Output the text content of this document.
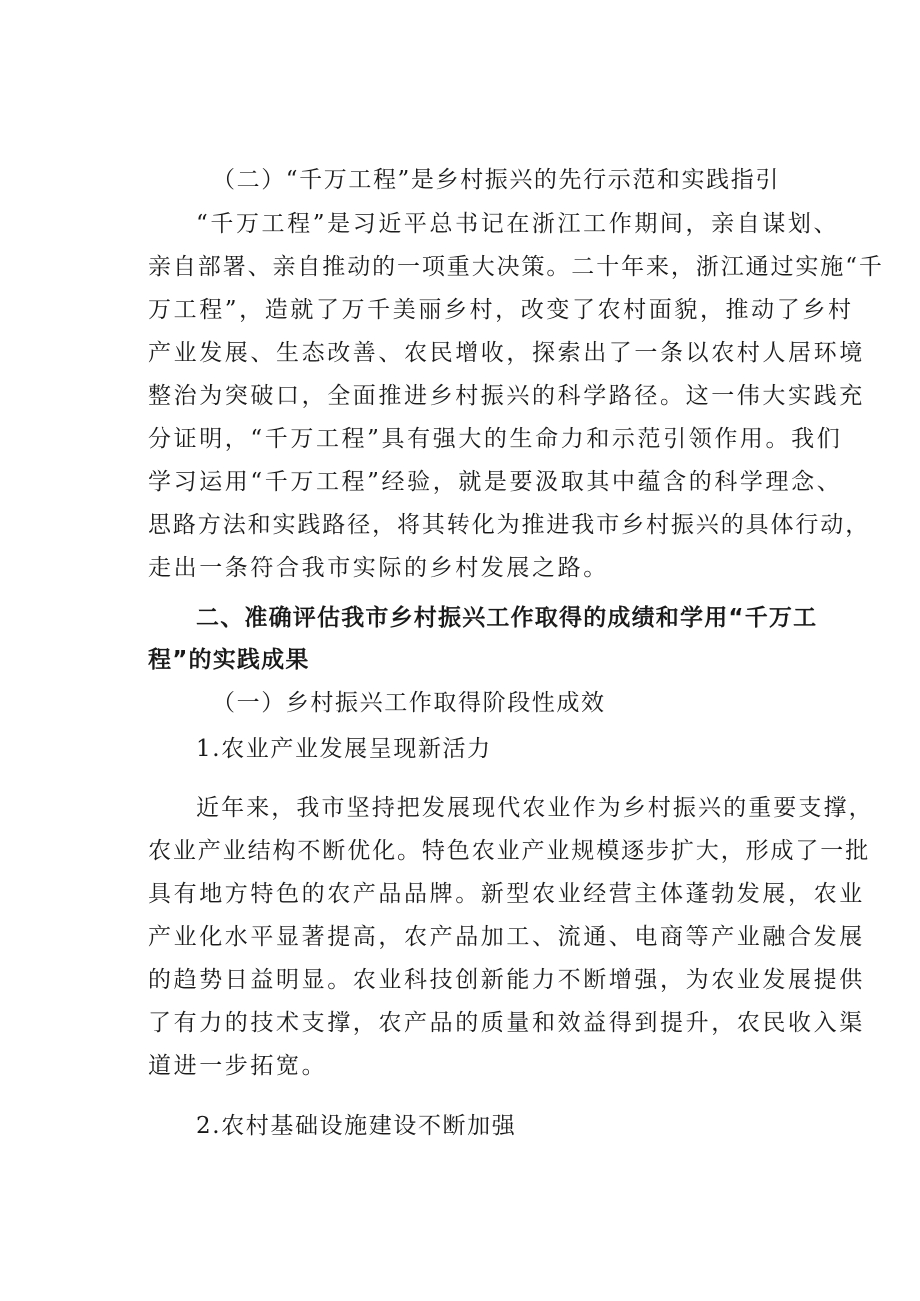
（二）“千万工程”是乡村振兴的先行示范和实践指引
“千万工程”是习近平总书记在浙江工作期间，亲自谋划、
亲自部署、亲自推动的一项重大决策。二十年来，浙江通过实施“千
万工程”，造就了万千美丽乡村，改变了农村面貌，推动了乡村
产业发展、生态改善、农民增收，探索出了一条以农村人居环境
整治为突破口，全面推进乡村振兴的科学路径。这一伟大实践充
分证明，“千万工程”具有强大的生命力和示范引领作用。我们
学习运用“千万工程”经验，就是要汲取其中蕴含的科学理念、
思路方法和实践路径，将其转化为推进我市乡村振兴的具体行动，
走出一条符合我市实际的乡村发展之路。
二、准确评估我市乡村振兴工作取得的成绩和学用“千万工
程”的实践成果
（一）乡村振兴工作取得阶段性成效
1.农业产业发展呈现新活力
近年来，我市坚持把发展现代农业作为乡村振兴的重要支撑，
农业产业结构不断优化。特色农业产业规模逐步扩大，形成了一批
具有地方特色的农产品品牌。新型农业经营主体蓬勃发展，农业
产业化水平显著提高，农产品加工、流通、电商等产业融合发展
的趋势日益明显。农业科技创新能力不断增强，为农业发展提供
了有力的技术支撑，农产品的质量和效益得到提升，农民收入渠
道进一步拓宽。
2.农村基础设施建设不断加强
